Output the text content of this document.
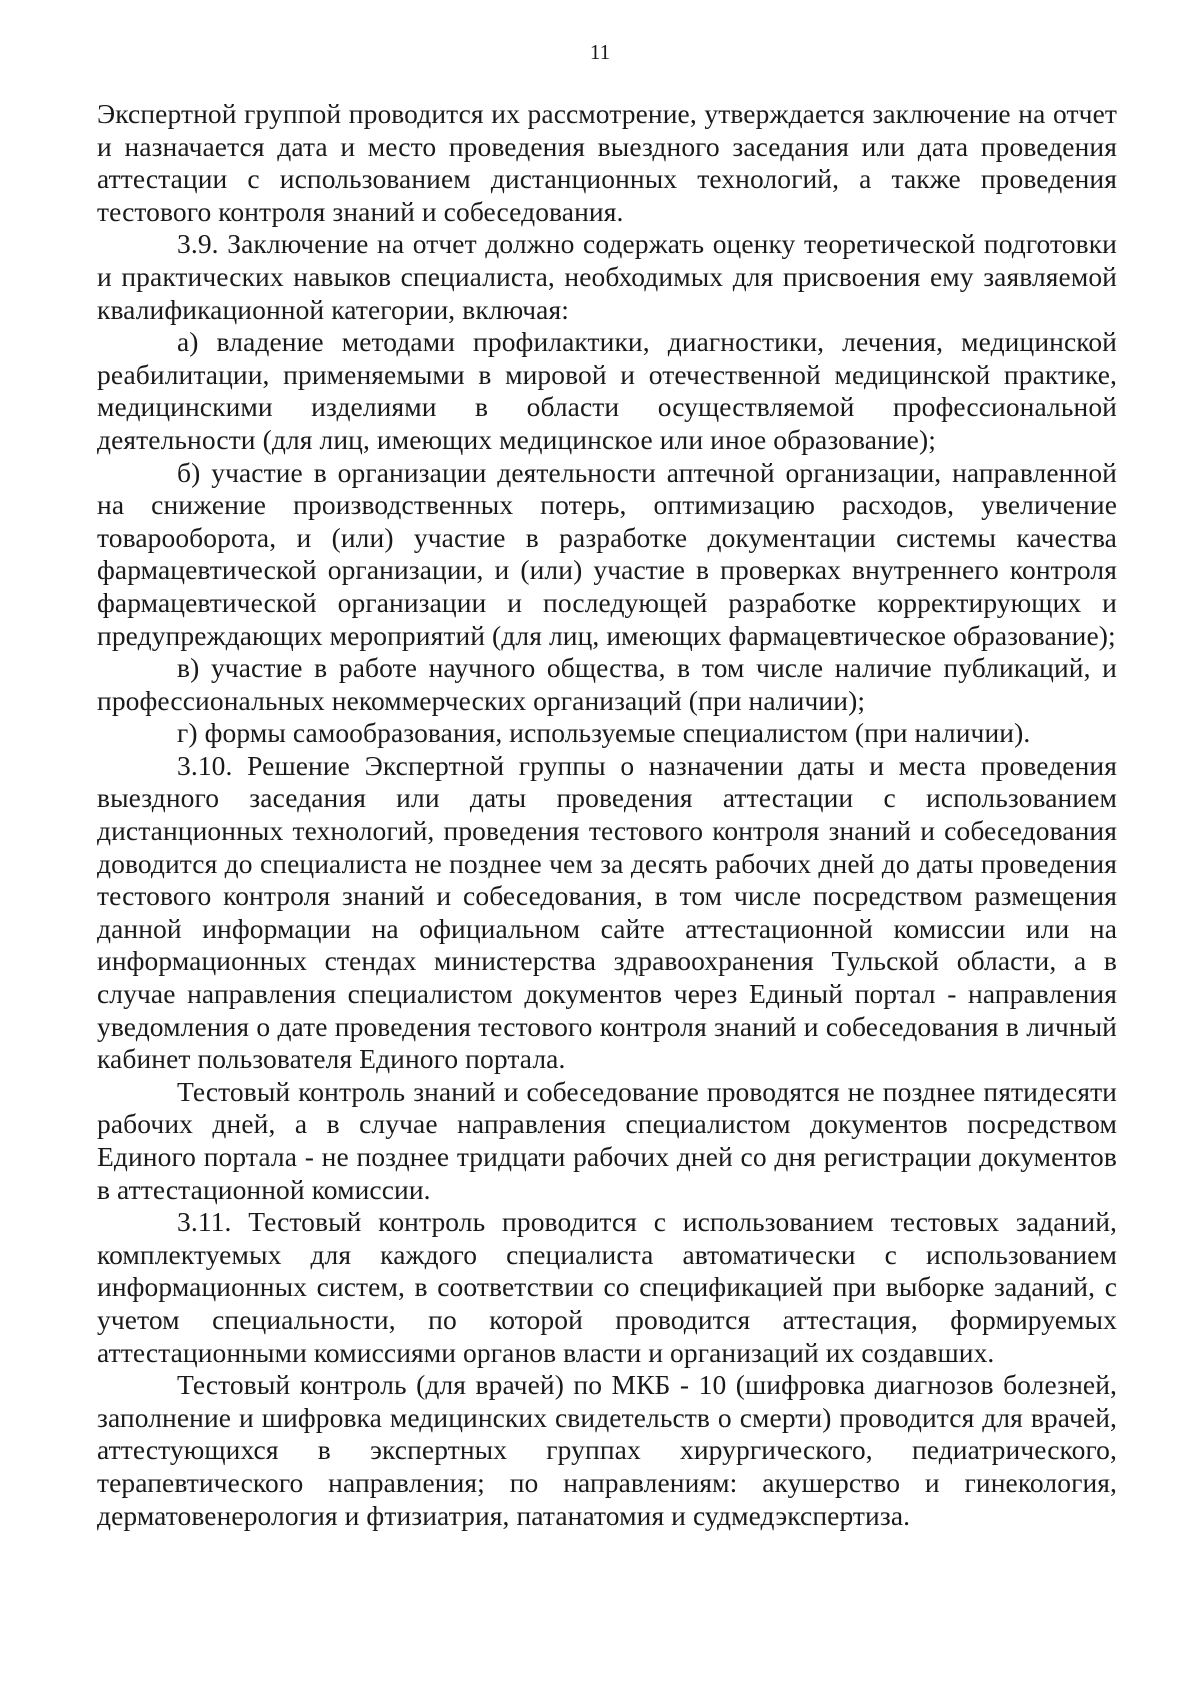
11

Экспертной группой проводится их рассмотрение, утверждается заключение на отчет и назначается дата и место проведения выездного заседания или дата проведения аттестации с использованием дистанционных технологий, а также проведения тестового контроля знаний и собеседования.

3.9. Заключение на отчет должно содержать оценку теоретической подготовки и практических навыков специалиста, необходимых для присвоения ему заявляемой квалификационной категории, включая:

а) владение методами профилактики, диагностики, лечения, медицинской реабилитации, применяемыми в мировой и отечественной медицинской практике, медицинскими изделиями в области осуществляемой профессиональной деятельности (для лиц, имеющих медицинское или иное образование);

б) участие в организации деятельности аптечной организации, направленной на снижение производственных потерь, оптимизацию расходов, увеличение товарооборота, и (или) участие в разработке документации системы качества фармацевтической организации, и (или) участие в проверках внутреннего контроля фармацевтической организации и последующей разработке корректирующих и предупреждающих мероприятий (для лиц, имеющих фармацевтическое образование);

в) участие в работе научного общества, в том числе наличие публикаций, и профессиональных некоммерческих организаций (при наличии);

г) формы самообразования, используемые специалистом (при наличии).

3.10. Решение Экспертной группы о назначении даты и места проведения выездного заседания или даты проведения аттестации с использованием дистанционных технологий, проведения тестового контроля знаний и собеседования доводится до специалиста не позднее чем за десять рабочих дней до даты проведения тестового контроля знаний и собеседования, в том числе посредством размещения данной информации на официальном сайте аттестационной комиссии или на информационных стендах министерства здравоохранения Тульской области, а в случае направления специалистом документов через Единый портал - направления уведомления о дате проведения тестового контроля знаний и собеседования в личный кабинет пользователя Единого портала.

Тестовый контроль знаний и собеседование проводятся не позднее пятидесяти рабочих дней, а в случае направления специалистом документов посредством Единого портала - не позднее тридцати рабочих дней со дня регистрации документов в аттестационной комиссии.

3.11. Тестовый контроль проводится с использованием тестовых заданий, комплектуемых для каждого специалиста автоматически с использованием информационных систем, в соответствии со спецификацией при выборке заданий, с учетом специальности, по которой проводится аттестация, формируемых аттестационными комиссиями органов власти и организаций их создавших.

Тестовый контроль (для врачей) по МКБ - 10 (шифровка диагнозов болезней, заполнение и шифровка медицинских свидетельств о смерти) проводится для врачей, аттестующихся в экспертных группах хирургического, педиатрического, терапевтического направления; по направлениям: акушерство и гинекология, дерматовенерология и фтизиатрия, патанатомия и судмедэкспертиза.
